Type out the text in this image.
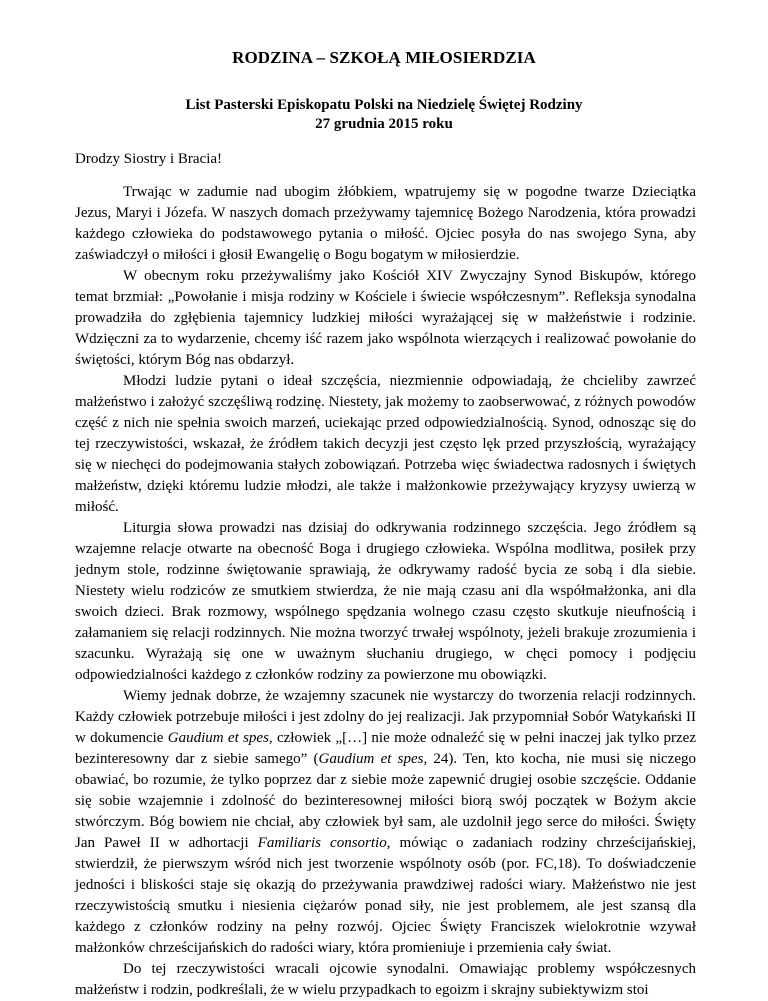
RODZINA – SZKOŁĄ MIŁOSIERDZIA
List Pasterski Episkopatu Polski na Niedzielę Świętej Rodziny
27 grudnia 2015 roku

Drodzy Siostry i Bracia!

Trwając w zadumie nad ubogim żłóbkiem, wpatrujemy się w pogodne twarze Dzieciątka Jezus, Maryi i Józefa. W naszych domach przeżywamy tajemnicę Bożego Narodzenia, która prowadzi każdego człowieka do podstawowego pytania o miłość. Ojciec posyła do nas swojego Syna, aby zaświadczył o miłości i głosił Ewangelię o Bogu bogatym w miłosierdzie.

W obecnym roku przeżywaliśmy jako Kościół XIV Zwyczajny Synod Biskupów, którego temat brzmiał: „Powołanie i misja rodziny w Kościele i świecie współczesnym”. Refleksja synodalna prowadziła do zgłębienia tajemnicy ludzkiej miłości wyrażającej się w małżeństwie i rodzinie. Wdzięczni za to wydarzenie, chcemy iść razem jako wspólnota wierzących i realizować powołanie do świętości, którym Bóg nas obdarzył.

Młodzi ludzie pytani o ideał szczęścia, niezmiennie odpowiadają, że chcieliby zawrzeć małżeństwo i założyć szczęśliwą rodzinę. Niestety, jak możemy to zaobserwować, z różnych powodów część z nich nie spełnia swoich marzeń, uciekając przed odpowiedzialnością. Synod, odnosząc się do tej rzeczywistości, wskazał, że źródłem takich decyzji jest często lęk przed przyszłością, wyrażający się w niechęci do podejmowania stałych zobowiązań. Potrzeba więc świadectwa radosnych i świętych małżeństw, dzięki któremu ludzie młodzi, ale także i małżonkowie przeżywający kryzysy uwierzą w miłość.

Liturgia słowa prowadzi nas dzisiaj do odkrywania rodzinnego szczęścia. Jego źródłem są wzajemne relacje otwarte na obecność Boga i drugiego człowieka. Wspólna modlitwa, posiłek przy jednym stole, rodzinne świętowanie sprawiają, że odkrywamy radość bycia ze sobą i dla siebie. Niestety wielu rodziców ze smutkiem stwierdza, że nie mają czasu ani dla współmałżonka, ani dla swoich dzieci. Brak rozmowy, wspólnego spędzania wolnego czasu często skutkuje nieufnością i załamaniem się relacji rodzinnych. Nie można tworzyć trwałej wspólnoty, jeżeli brakuje zrozumienia i szacunku. Wyrażają się one w uważnym słuchaniu drugiego, w chęci pomocy i podjęciu odpowiedzialności każdego z członków rodziny za powierzone mu obowiązki.

Wiemy jednak dobrze, że wzajemny szacunek nie wystarczy do tworzenia relacji rodzinnych. Każdy człowiek potrzebuje miłości i jest zdolny do jej realizacji. Jak przypomniał Sobór Watykański II w dokumencie Gaudium et spes, człowiek „[…] nie może odnaleźć się w pełni inaczej jak tylko przez bezinteresowny dar z siebie samego” (Gaudium et spes, 24). Ten, kto kocha, nie musi się niczego obawiać, bo rozumie, że tylko poprzez dar z siebie może zapewnić drugiej osobie szczęście. Oddanie się sobie wzajemnie i zdolność do bezinteresownej miłości biorą swój początek w Bożym akcie stwórczym. Bóg bowiem nie chciał, aby człowiek był sam, ale uzdolnił jego serce do miłości. Święty Jan Paweł II w adhortacji Familiaris consortio, mówiąc o zadaniach rodziny chrześcijańskiej, stwierdził, że pierwszym wśród nich jest tworzenie wspólnoty osób (por. FC,18). To doświadczenie jedności i bliskości staje się okazją do przeżywania prawdziwej radości wiary. Małżeństwo nie jest rzeczywistością smutku i niesienia ciężarów ponad siły, nie jest problemem, ale jest szansą dla każdego z członków rodziny na pełny rozwój. Ojciec Święty Franciszek wielokrotnie wzywał małżonków chrześcijańskich do radości wiary, która promieniuje i przemienia cały świat.

Do tej rzeczywistości wracali ojcowie synodalni. Omawiając problemy współczesnych małżeństw i rodzin, podkreślali, że w wielu przypadkach to egoizm i skrajny subiektywizm stoi
